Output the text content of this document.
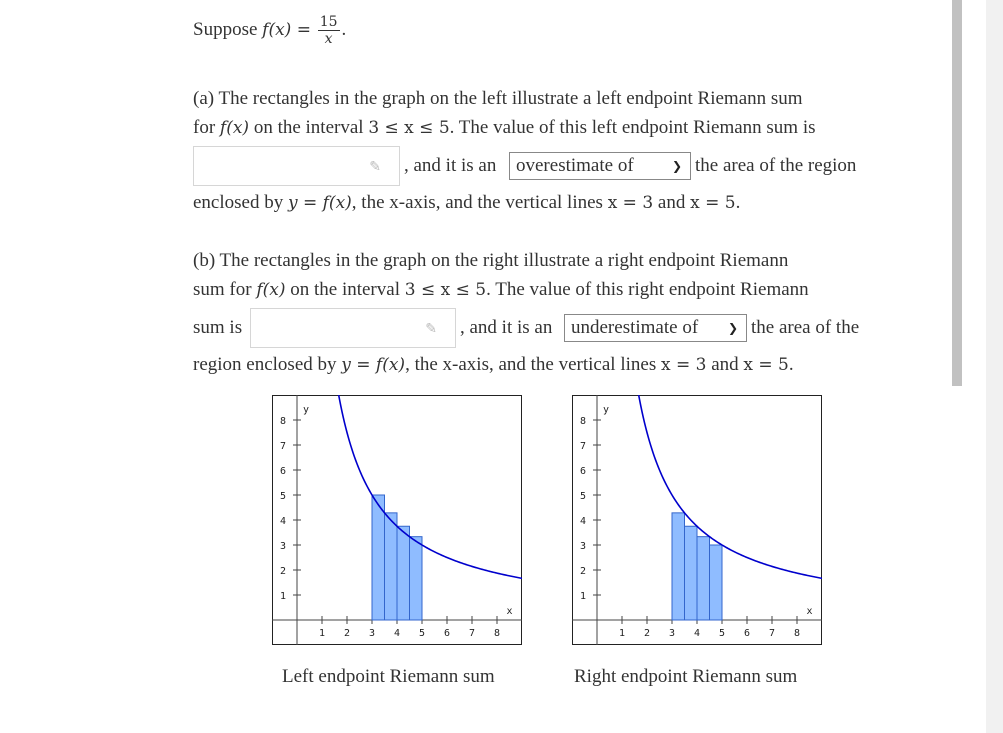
Suppose $f(x) = \frac{15}{x}$ .
(a) The rectangles in the graph on the left illustrate a left endpoint Riemann sum
for f(x) on the interval 3 ≤ x ≤ 5. The value of this left endpoint Riemann sum is
✎ , and it is an	overestimate of	❯ the area of the region
enclosed by y = f(x), the x-axis, and the vertical lines x = 3 and x = 5.
(b) The rectangles in the graph on the right illustrate a right endpoint Riemann
sum for f(x) on the interval 3 ≤ x ≤ 5. The value of this right endpoint Riemann
sum is	✎ , and it is an underestimate of ❯ the area of the
region enclosed by y = f(x), the x-axis, and the vertical lines x = 3 and x = 5.
1 2 3 4 5 6 7 8
1
2
3
4
5
6
7
8
x
y
1 2 3 4 5 6 7 8
1
2
3
4
5
6
7
8
x
y
Left endpoint Riemann sum	Right endpoint Riemann sum
